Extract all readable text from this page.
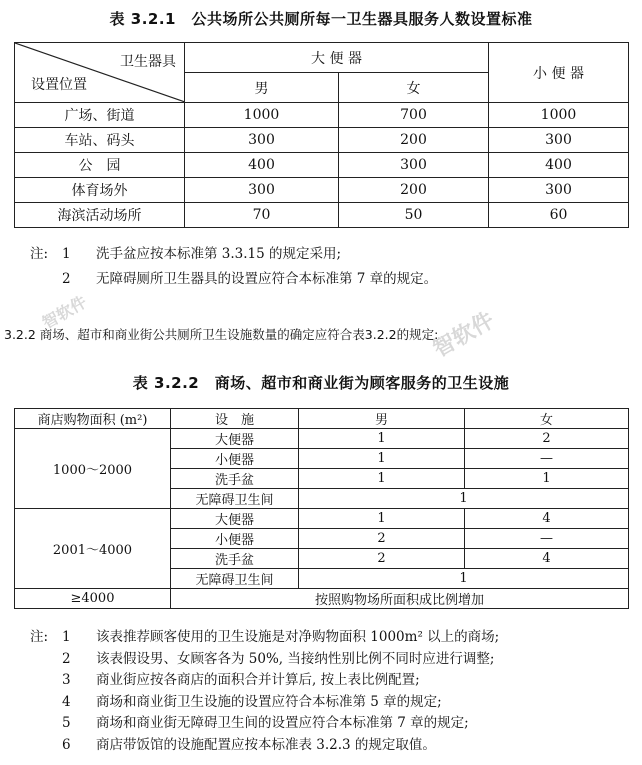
智软件
智软件
表 3.2.1　公共场所公共厕所每一卫生器具服务人数设置标准
卫生器具
设置位置	大 便 器		小 便 器
	男	女	
广场、街道	1000	700	1000
车站、码头	300	200	300
公　园	400	300	400
体育场外	300	200	300
海滨活动场所	70	50	60
注: 1 洗手盆应按本标准第 3.3.15 的规定采用;
2 无障碍厕所卫生器具的设置应符合本标准第 7 章的规定。
3.2.2 商场、超市和商业街公共厕所卫生设施数量的确定应符合表3.2.2的规定:
表 3.2.2　商场、超市和商业街为顾客服务的卫生设施
商店购物面积 (m²)	设　施	男	女
1000～2000	大便器	1	2
	小便器	1	—
	洗手盆	1	1
	无障碍卫生间	1	
2001～4000	大便器	1	4
	小便器	2	—
	洗手盆	2	4
	无障碍卫生间	1	
≥4000	按照购物场所面积成比例增加		
注: 1 该表推荐顾客使用的卫生设施是对净购物面积 1000m² 以上的商场;
2 该表假设男、女顾客各为 50%, 当接纳性别比例不同时应进行调整;
3 商业街应按各商店的面积合并计算后, 按上表比例配置;
4 商场和商业街卫生设施的设置应符合本标准第 5 章的规定;
5 商场和商业街无障碍卫生间的设置应符合本标准第 7 章的规定;
6 商店带饭馆的设施配置应按本标准表 3.2.3 的规定取值。
